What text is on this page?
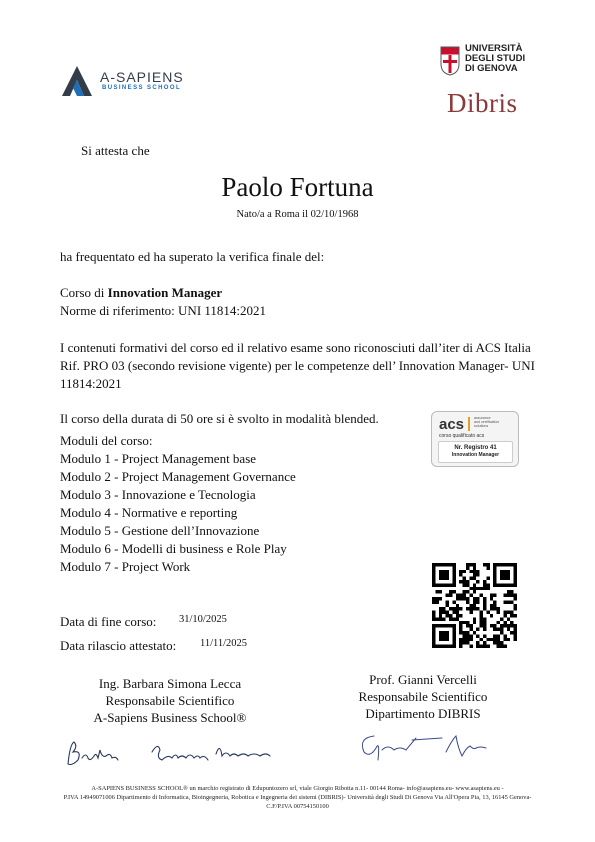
A-SAPIENS
BUSINESS SCHOOL
UNIVERSITÀ
DEGLI STUDI
DI GENOVA
Dibris
Si attesta che
Paolo Fortuna
Nato/a a Roma il 02/10/1968
ha frequentato ed ha superato la verifica finale del:
Corso di Innovation Manager
Norme di riferimento: UNI 11814:2021
I contenuti formativi del corso ed il relativo esame sono riconosciuti dall’iter di ACS Italia Rif. PRO 03 (secondo revisione vigente) per le competenze dell’ Innovation Manager- UNI 11814:2021
Il corso della durata di 50 ore si è svolto in modalità blended.
Moduli del corso:
Modulo 1 - Project Management base
Modulo 2 - Project Management Governance
Modulo 3 - Innovazione e Tecnologia
Modulo 4 - Normative e reporting
Modulo 5 - Gestione dell’Innovazione
Modulo 6 - Modelli di business e Role Play
Modulo 7 - Project Work
acs	assurance
and certification
solutions
corso qualificato acs
Nr. Registro 41
Innovation Manager
Data di fine corso: 31/10/2025
Data rilascio attestato: 11/11/2025
Ing. Barbara Simona Lecca
Responsabile Scientifico
A-Sapiens Business School®
Prof. Gianni Vercelli
Responsabile Scientifico
Dipartimento DIBRIS
A-SAPIENS BUSINESS SCHOOL® un marchio registrato di Edupuntozero srl, viale Giorgio Ribotta n.11- 00144 Roma- info@asapiens.eu- www.asapiens.eu -
P.IVA 14949071006 Dipartimento di Informatica, Bioingegneria, Robotica e Ingegneria dei sistemi (DIBRIS)- Università degli Studi Di Genova Via All'Opera Pia, 13, 16145 Genova-
C.F/P.IVA 00754150100
